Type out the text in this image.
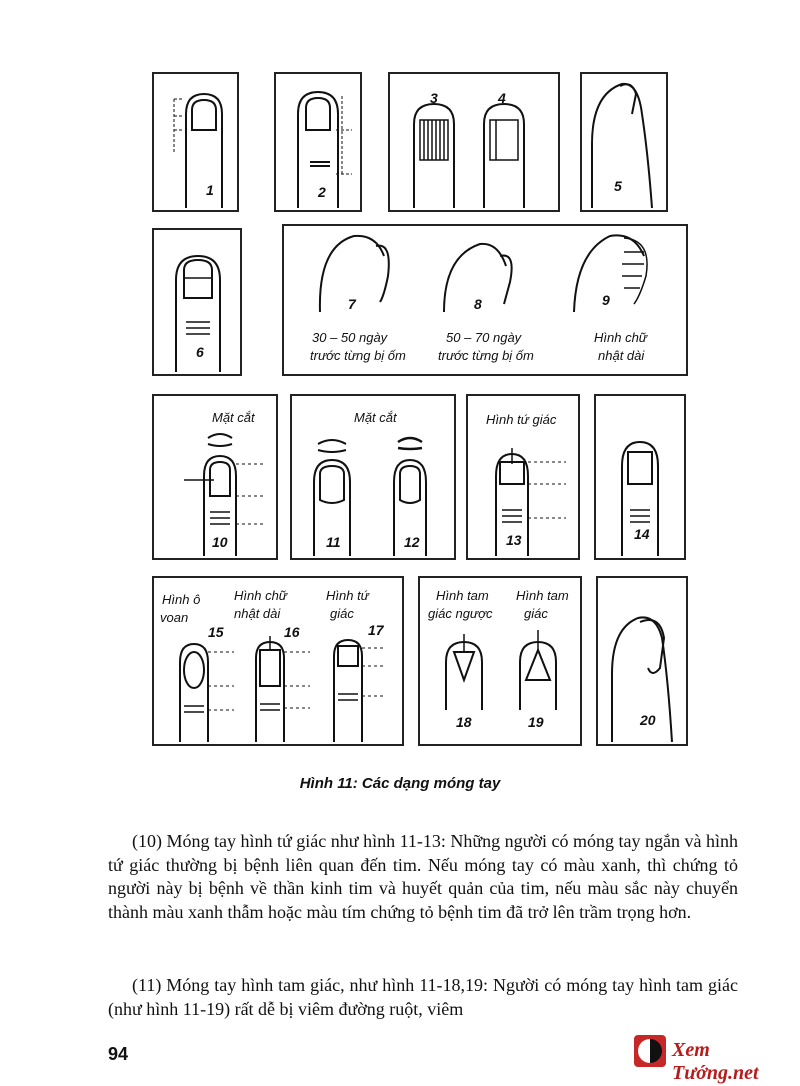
1	2
3	4
5
6
7
30 – 50 ngày
trước từng bị ốm
8
50 – 70 ngày
trước từng bị ốm
9
Hình chữ
nhật dài
Mặt cắt
10
Mặt cắt
11	12
Hình tứ giác
13	14
Hình ô
voan
15
Hình chữ
nhật dài
16
Hình tứ
giác
17
Hình tam
giác ngược
18
Hình tam
giác
19	20
Hình 11: Các dạng móng tay
(10) Móng tay hình tứ giác như hình 11-13: Những người có móng tay ngắn và hình tứ giác thường bị bệnh liên quan đến tim. Nếu móng tay có màu xanh, thì chứng tỏ người này bị bệnh về thần kinh tim và huyết quản của tim, nếu màu sắc này chuyển thành màu xanh thẫm hoặc màu tím chứng tỏ bệnh tim đã trở lên trầm trọng hơn.
(11) Móng tay hình tam giác, như hình 11-18,19: Người có móng tay hình tam giác (như hình 11-19) rất dễ bị viêm đường ruột, viêm
94	Xem Tướng.net
